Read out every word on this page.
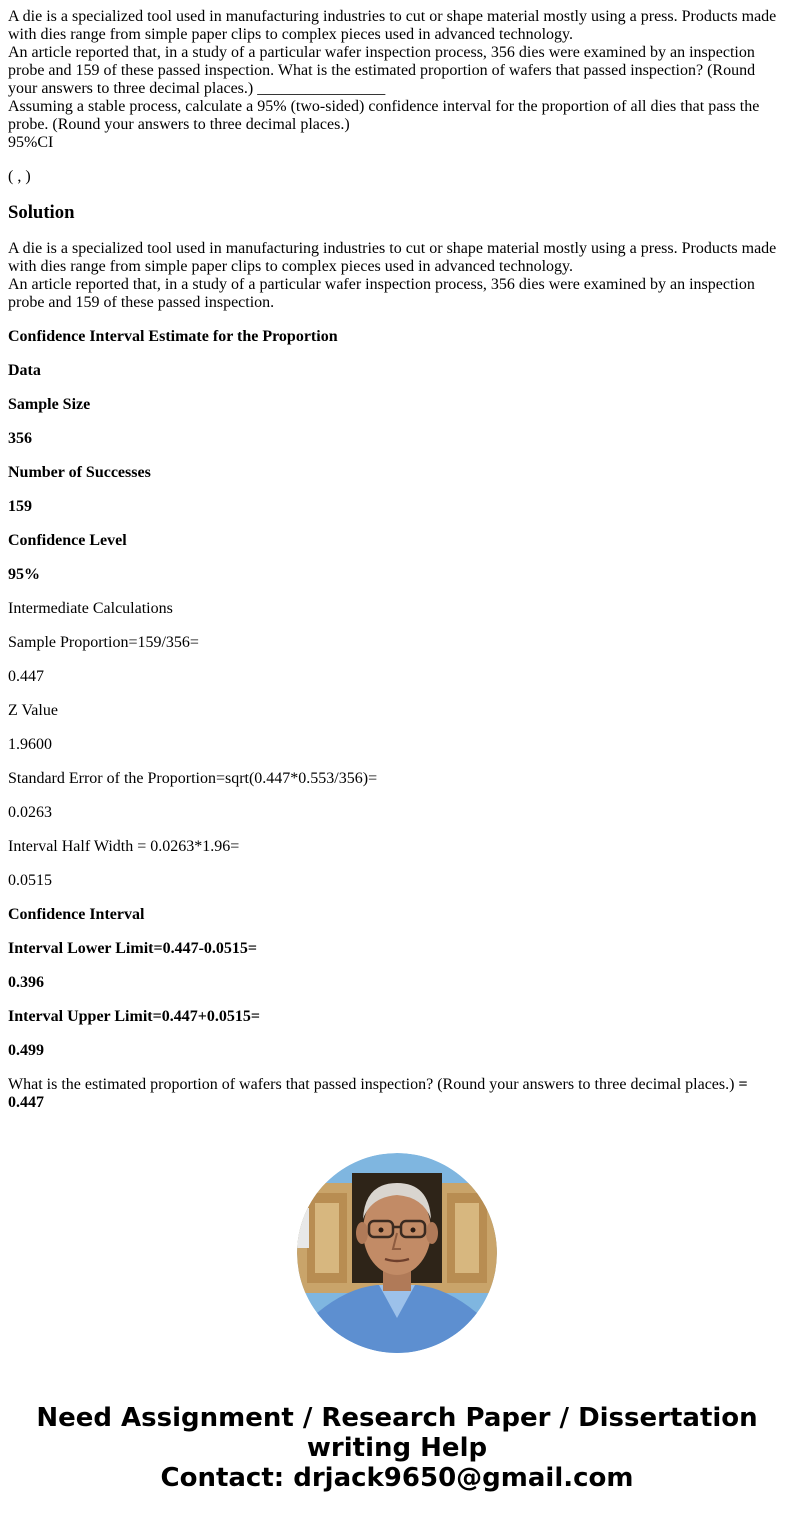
A die is a specialized tool used in manufacturing industries to cut or shape material mostly using a press. Products made with dies range from simple paper clips to complex pieces used in advanced technology.
An article reported that, in a study of a particular wafer inspection process, 356 dies were examined by an inspection probe and 159 of these passed inspection. What is the estimated proportion of wafers that passed inspection? (Round your answers to three decimal places.) ________________
Assuming a stable process, calculate a 95% (two-sided) confidence interval for the proportion of all dies that pass the probe. (Round your answers to three decimal places.)
95%CI

( , )

Solution

A die is a specialized tool used in manufacturing industries to cut or shape material mostly using a press. Products made with dies range from simple paper clips to complex pieces used in advanced technology.
An article reported that, in a study of a particular wafer inspection process, 356 dies were examined by an inspection probe and 159 of these passed inspection.

Confidence Interval Estimate for the Proportion

Data

Sample Size

356

Number of Successes

159

Confidence Level

95%

Intermediate Calculations

Sample Proportion=159/356=

0.447

Z Value

1.9600

Standard Error of the Proportion=sqrt(0.447*0.553/356)=

0.0263

Interval Half Width = 0.0263*1.96=

0.0515

Confidence Interval

Interval Lower Limit=0.447-0.0515=

0.396

Interval Upper Limit=0.447+0.0515=

0.499

What is the estimated proportion of wafers that passed inspection? (Round your answers to three decimal places.) = 0.447

Need Assignment / Research Paper / Dissertation writing Help
Contact: drjack9650@gmail.com
